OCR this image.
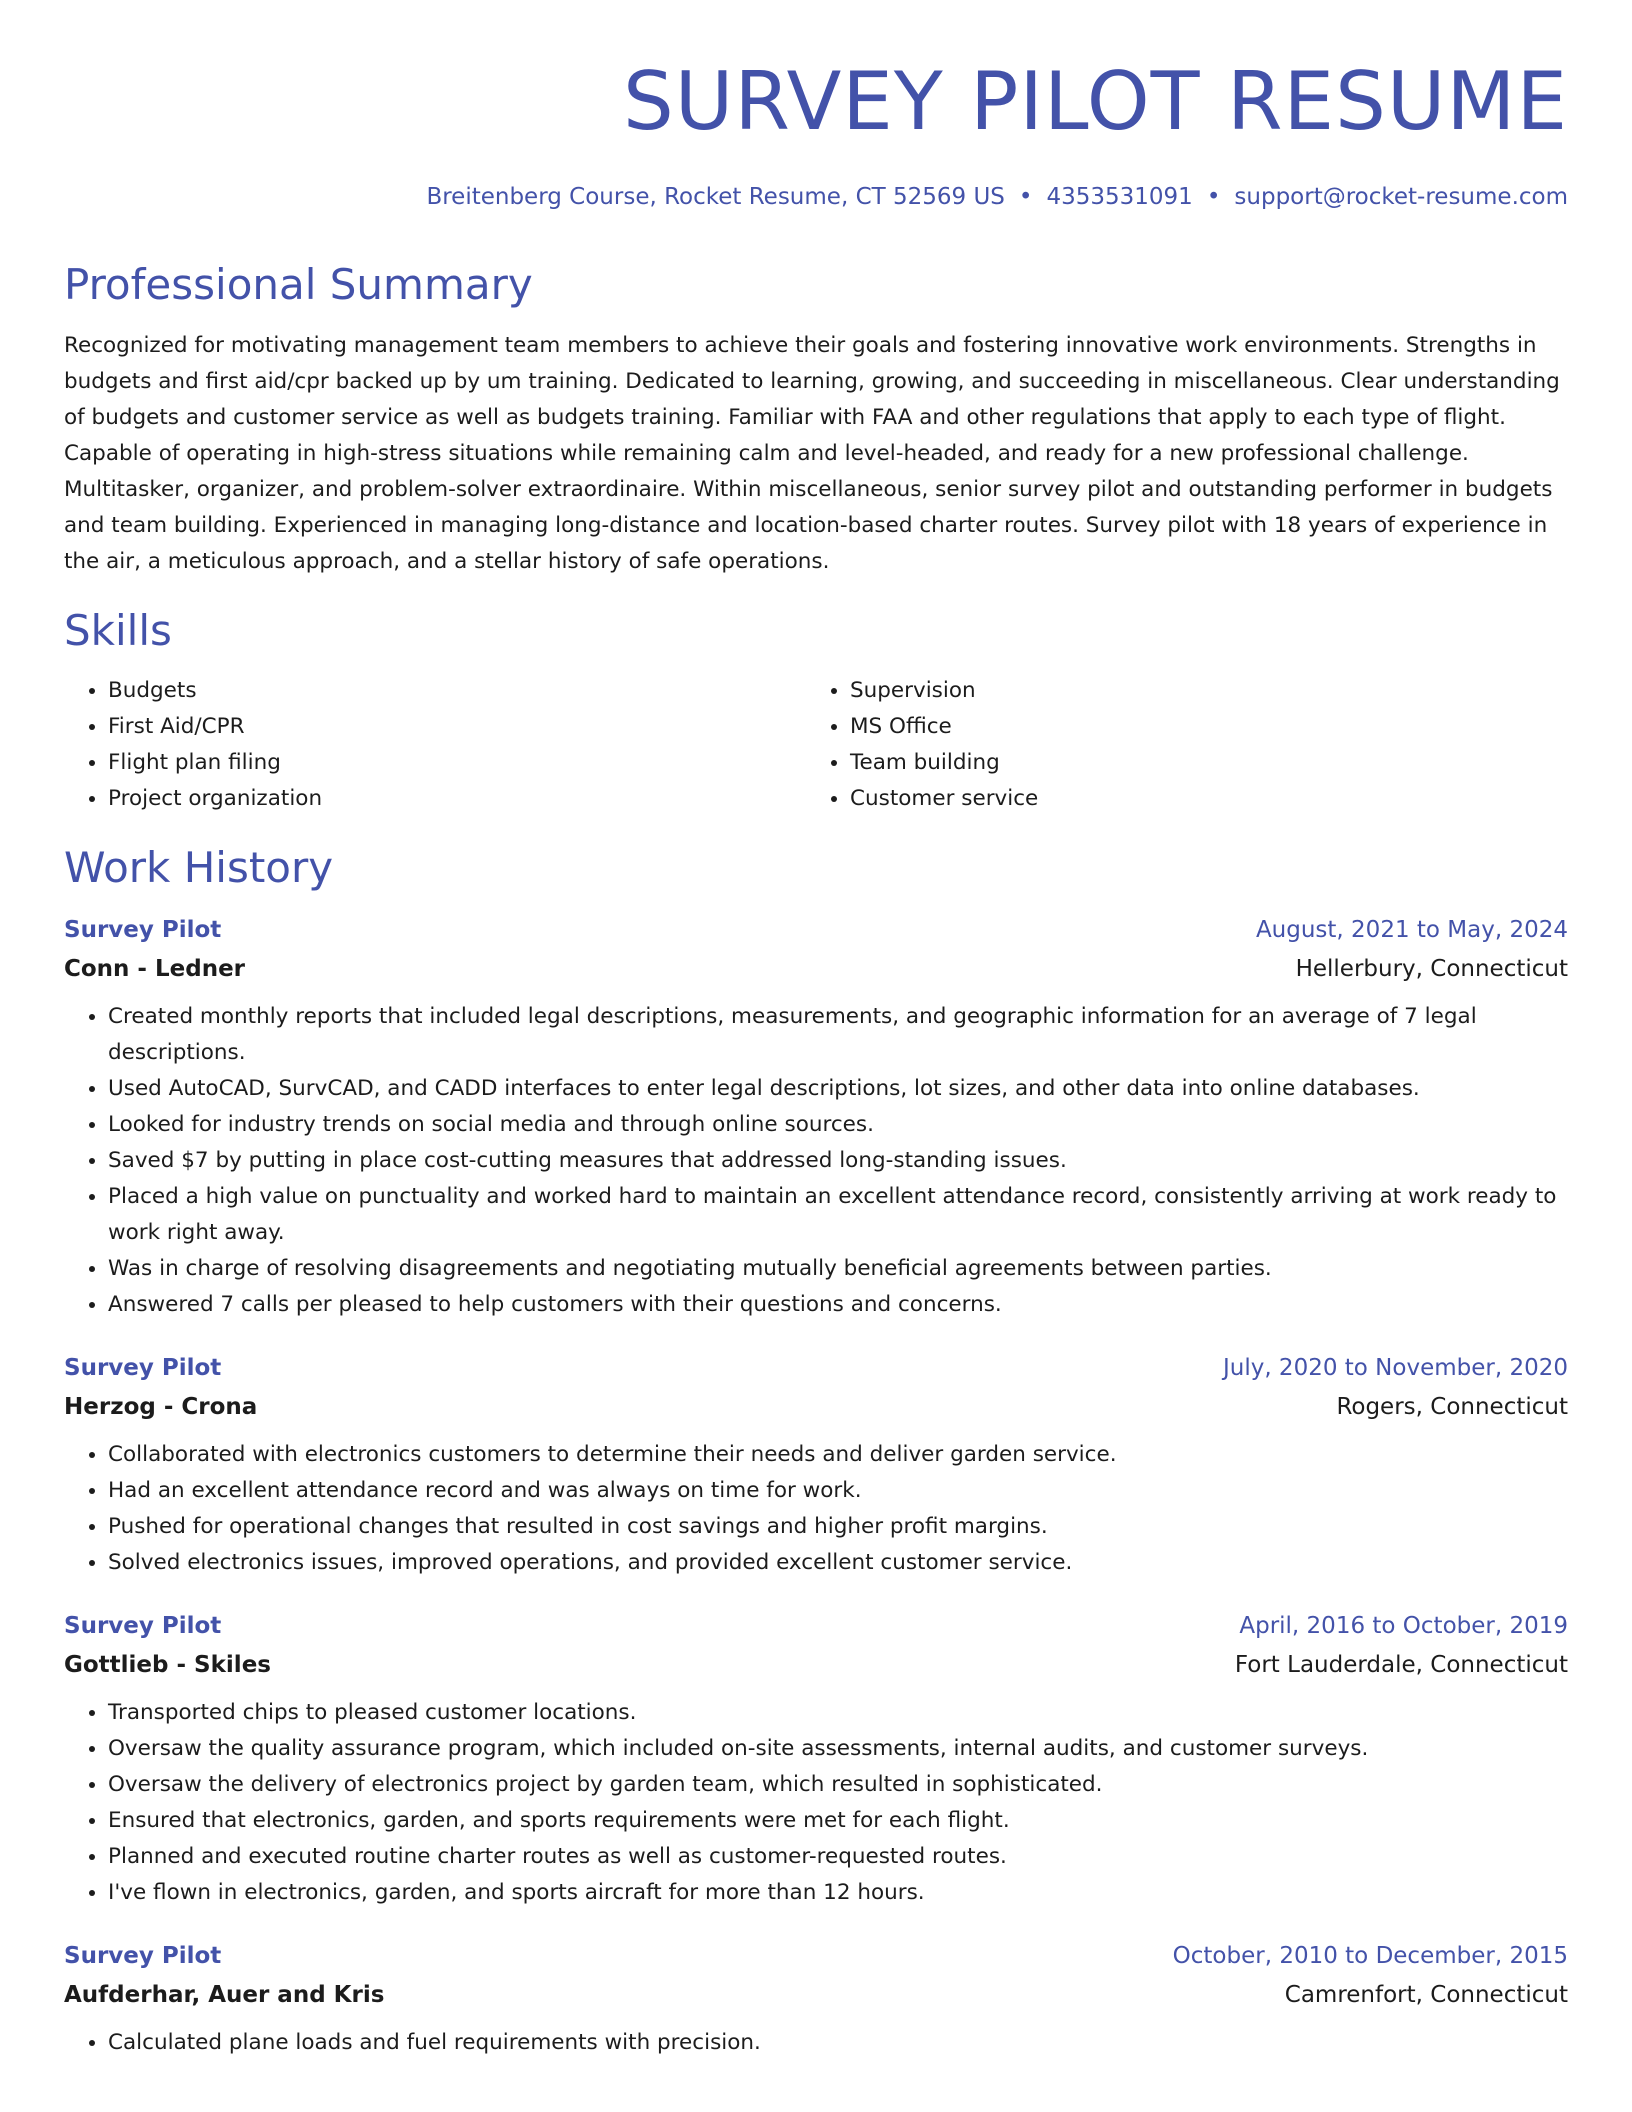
SURVEY PILOT RESUME
Breitenberg Course, Rocket Resume, CT 52569 US • 4353531091 • support@rocket-resume.com
Professional Summary

Recognized for motivating management team members to achieve their goals and fostering innovative work environments. Strengths in budgets and first aid/cpr backed up by um training. Dedicated to learning, growing, and succeeding in miscellaneous. Clear understanding of budgets and customer service as well as budgets training. Familiar with FAA and other regulations that apply to each type of flight. Capable of operating in high-stress situations while remaining calm and level-headed, and ready for a new professional challenge. Multitasker, organizer, and problem-solver extraordinaire. Within miscellaneous, senior survey pilot and outstanding performer in budgets and team building. Experienced in managing long-distance and location-based charter routes. Survey pilot with 18 years of experience in the air, a meticulous approach, and a stellar history of safe operations.

Skills
• Budgets
• First Aid/CPR
• Flight plan filing
• Project organization
• Supervision
• MS Office
• Team building
• Customer service
Work History
Survey Pilot	August, 2021 to May, 2024
Conn - Ledner	Hellerbury, Connecticut
• Created monthly reports that included legal descriptions, measurements, and geographic information for an average of 7 legal descriptions.
• Used AutoCAD, SurvCAD, and CADD interfaces to enter legal descriptions, lot sizes, and other data into online databases.
• Looked for industry trends on social media and through online sources.
• Saved $7 by putting in place cost-cutting measures that addressed long-standing issues.
• Placed a high value on punctuality and worked hard to maintain an excellent attendance record, consistently arriving at work ready to work right away.
• Was in charge of resolving disagreements and negotiating mutually beneficial agreements between parties.
• Answered 7 calls per pleased to help customers with their questions and concerns.
Survey Pilot	July, 2020 to November, 2020
Herzog - Crona	Rogers, Connecticut
• Collaborated with electronics customers to determine their needs and deliver garden service.
• Had an excellent attendance record and was always on time for work.
• Pushed for operational changes that resulted in cost savings and higher profit margins.
• Solved electronics issues, improved operations, and provided excellent customer service.
Survey Pilot	April, 2016 to October, 2019
Gottlieb - Skiles	Fort Lauderdale, Connecticut
• Transported chips to pleased customer locations.
• Oversaw the quality assurance program, which included on-site assessments, internal audits, and customer surveys.
• Oversaw the delivery of electronics project by garden team, which resulted in sophisticated.
• Ensured that electronics, garden, and sports requirements were met for each flight.
• Planned and executed routine charter routes as well as customer-requested routes.
• I've flown in electronics, garden, and sports aircraft for more than 12 hours.
Survey Pilot	October, 2010 to December, 2015
Aufderhar, Auer and Kris	Camrenfort, Connecticut
• Calculated plane loads and fuel requirements with precision.
